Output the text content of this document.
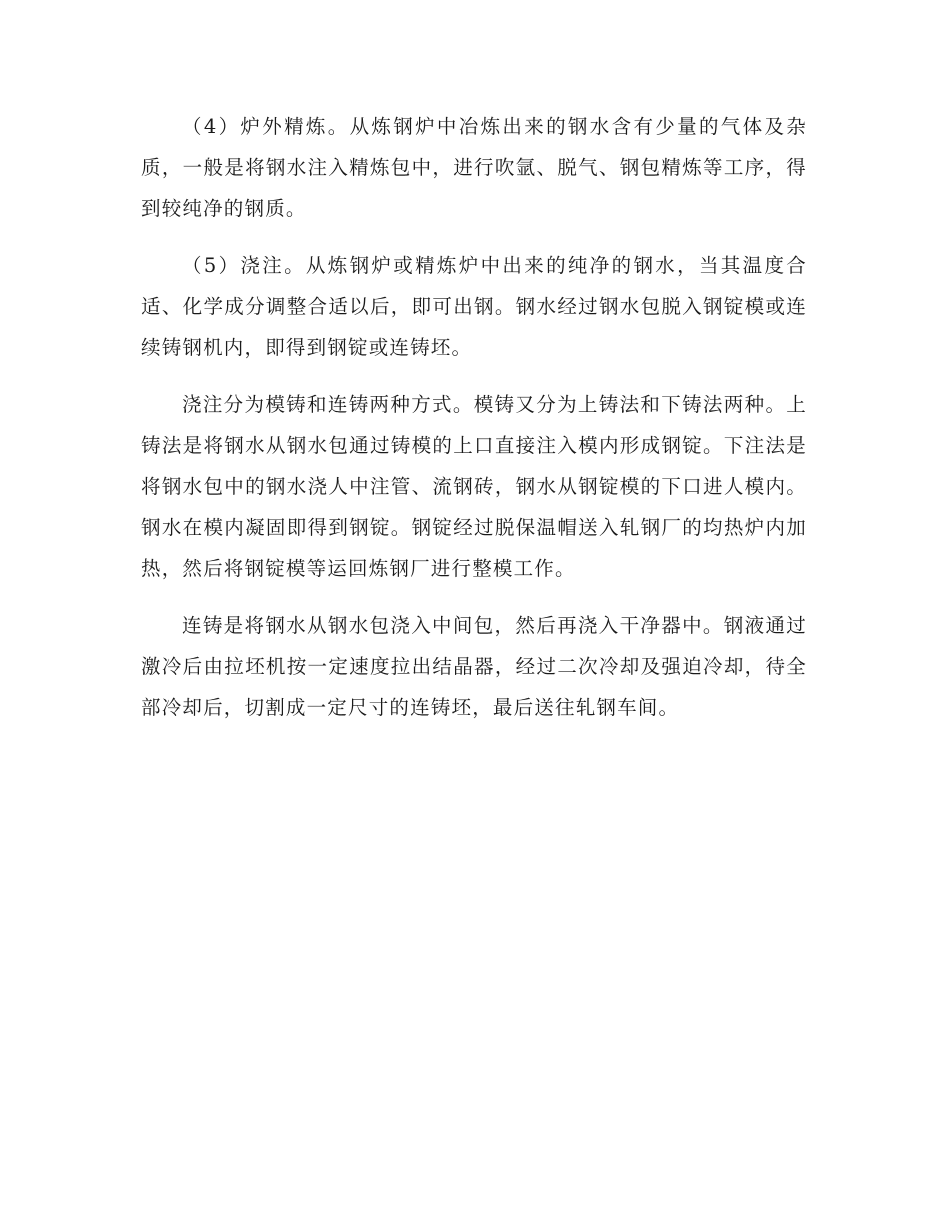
（4）炉外精炼。从炼钢炉中冶炼出来的钢水含有少量的气体及杂质，一般是将钢水注入精炼包中，进行吹氩、脱气、钢包精炼等工序，得到较纯净的钢质。

（5）浇注。从炼钢炉或精炼炉中出来的纯净的钢水，当其温度合适、化学成分调整合适以后，即可出钢。钢水经过钢水包脱入钢锭模或连续铸钢机内，即得到钢锭或连铸坯。

浇注分为模铸和连铸两种方式。模铸又分为上铸法和下铸法两种。上铸法是将钢水从钢水包通过铸模的上口直接注入模内形成钢锭。下注法是将钢水包中的钢水浇人中注管、流钢砖，钢水从钢锭模的下口进人模内。钢水在模内凝固即得到钢锭。钢锭经过脱保温帽送入轧钢厂的均热炉内加热，然后将钢锭模等运回炼钢厂进行整模工作。

连铸是将钢水从钢水包浇入中间包，然后再浇入干净器中。钢液通过激冷后由拉坯机按一定速度拉出结晶器，经过二次冷却及强迫冷却，待全部冷却后，切割成一定尺寸的连铸坯，最后送往轧钢车间。
